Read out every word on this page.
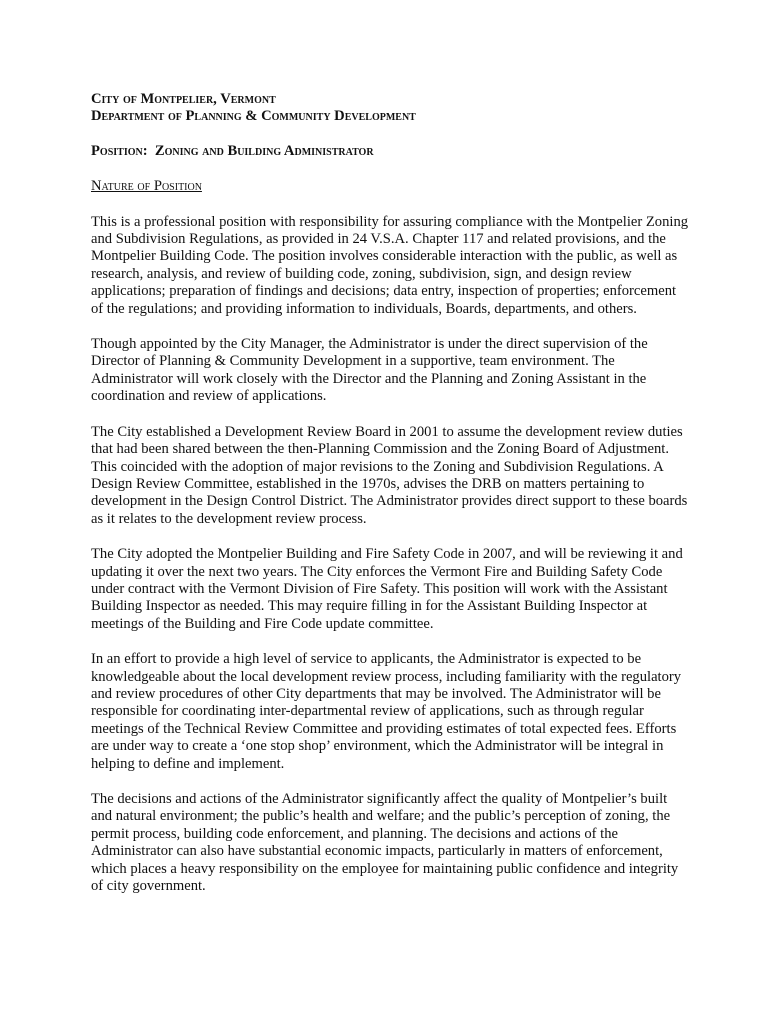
City of Montpelier, Vermont

Department of Planning & Community Development

Position: Zoning and Building Administrator

Nature of Position

This is a professional position with responsibility for assuring compliance with the Montpelier Zoning and Subdivision Regulations, as provided in 24 V.S.A. Chapter 117 and related provisions, and the Montpelier Building Code. The position involves considerable interaction with the public, as well as research, analysis, and review of building code, zoning, subdivision, sign, and design review applications; preparation of findings and decisions; data entry, inspection of properties; enforcement of the regulations; and providing information to individuals, Boards, departments, and others.

Though appointed by the City Manager, the Administrator is under the direct supervision of the Director of Planning & Community Development in a supportive, team environment. The Administrator will work closely with the Director and the Planning and Zoning Assistant in the coordination and review of applications.

The City established a Development Review Board in 2001 to assume the development review duties that had been shared between the then-Planning Commission and the Zoning Board of Adjustment. This coincided with the adoption of major revisions to the Zoning and Subdivision Regulations. A Design Review Committee, established in the 1970s, advises the DRB on matters pertaining to development in the Design Control District. The Administrator provides direct support to these boards as it relates to the development review process.

The City adopted the Montpelier Building and Fire Safety Code in 2007, and will be reviewing it and updating it over the next two years. The City enforces the Vermont Fire and Building Safety Code under contract with the Vermont Division of Fire Safety. This position will work with the Assistant Building Inspector as needed. This may require filling in for the Assistant Building Inspector at meetings of the Building and Fire Code update committee.

In an effort to provide a high level of service to applicants, the Administrator is expected to be knowledgeable about the local development review process, including familiarity with the regulatory and review procedures of other City departments that may be involved. The Administrator will be responsible for coordinating inter-departmental review of applications, such as through regular meetings of the Technical Review Committee and providing estimates of total expected fees. Efforts are under way to create a ‘one stop shop’ environment, which the Administrator will be integral in helping to define and implement.

The decisions and actions of the Administrator significantly affect the quality of Montpelier’s built and natural environment; the public’s health and welfare; and the public’s perception of zoning, the permit process, building code enforcement, and planning. The decisions and actions of the Administrator can also have substantial economic impacts, particularly in matters of enforcement, which places a heavy responsibility on the employee for maintaining public confidence and integrity of city government.
